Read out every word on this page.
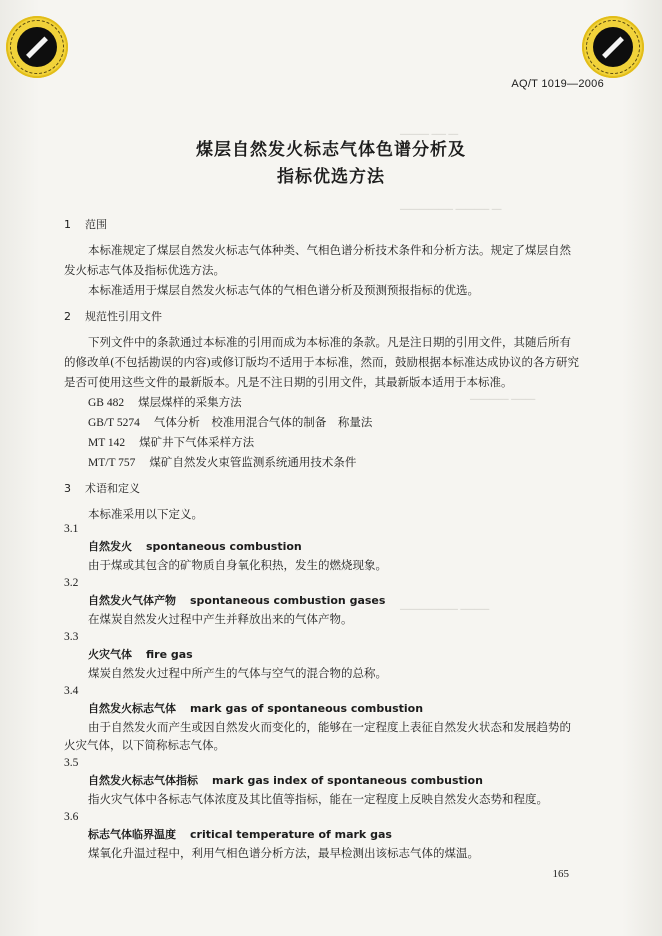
────── ─── ──
─────────── ─────── ──
──────── ─────
──────────── ──────
AQ/T 1019—2006
煤层自然发火标志气体色谱分析及
指标优选方法
1 范围
本标准规定了煤层自然发火标志气体种类、气相色谱分析技术条件和分析方法。规定了煤层自然
发火标志气体及指标优选方法。
本标准适用于煤层自然发火标志气体的气相色谱分析及预测预报指标的优选。
2 规范性引用文件
下列文件中的条款通过本标准的引用而成为本标准的条款。凡是注日期的引用文件，其随后所有
的修改单(不包括勘误的内容)或修订版均不适用于本标准，然而，鼓励根据本标准达成协议的各方研究
是否可使用这些文件的最新版本。凡是不注日期的引用文件，其最新版本适用于本标准。
GB 482 煤层煤样的采集方法
GB/T 5274 气体分析　校准用混合气体的制备　称量法
MT 142 煤矿井下气体采样方法
MT/T 757 煤矿自然发火束管监测系统通用技术条件
3 术语和定义
本标准采用以下定义。
3.1
自然发火 spontaneous combustion
由于煤或其包含的矿物质自身氧化积热，发生的燃烧现象。
3.2
自然发火气体产物 spontaneous combustion gases
在煤炭自然发火过程中产生并释放出来的气体产物。
3.3
火灾气体 fire gas
煤炭自然发火过程中所产生的气体与空气的混合物的总称。
3.4
自然发火标志气体 mark gas of spontaneous combustion
由于自然发火而产生或因自然发火而变化的，能够在一定程度上表征自然发火状态和发展趋势的
火灾气体，以下简称标志气体。
3.5
自然发火标志气体指标 mark gas index of spontaneous combustion
指火灾气体中各标志气体浓度及其比值等指标，能在一定程度上反映自然发火态势和程度。
3.6
标志气体临界温度 critical temperature of mark gas
煤氧化升温过程中，利用气相色谱分析方法，最早检测出该标志气体的煤温。
165
